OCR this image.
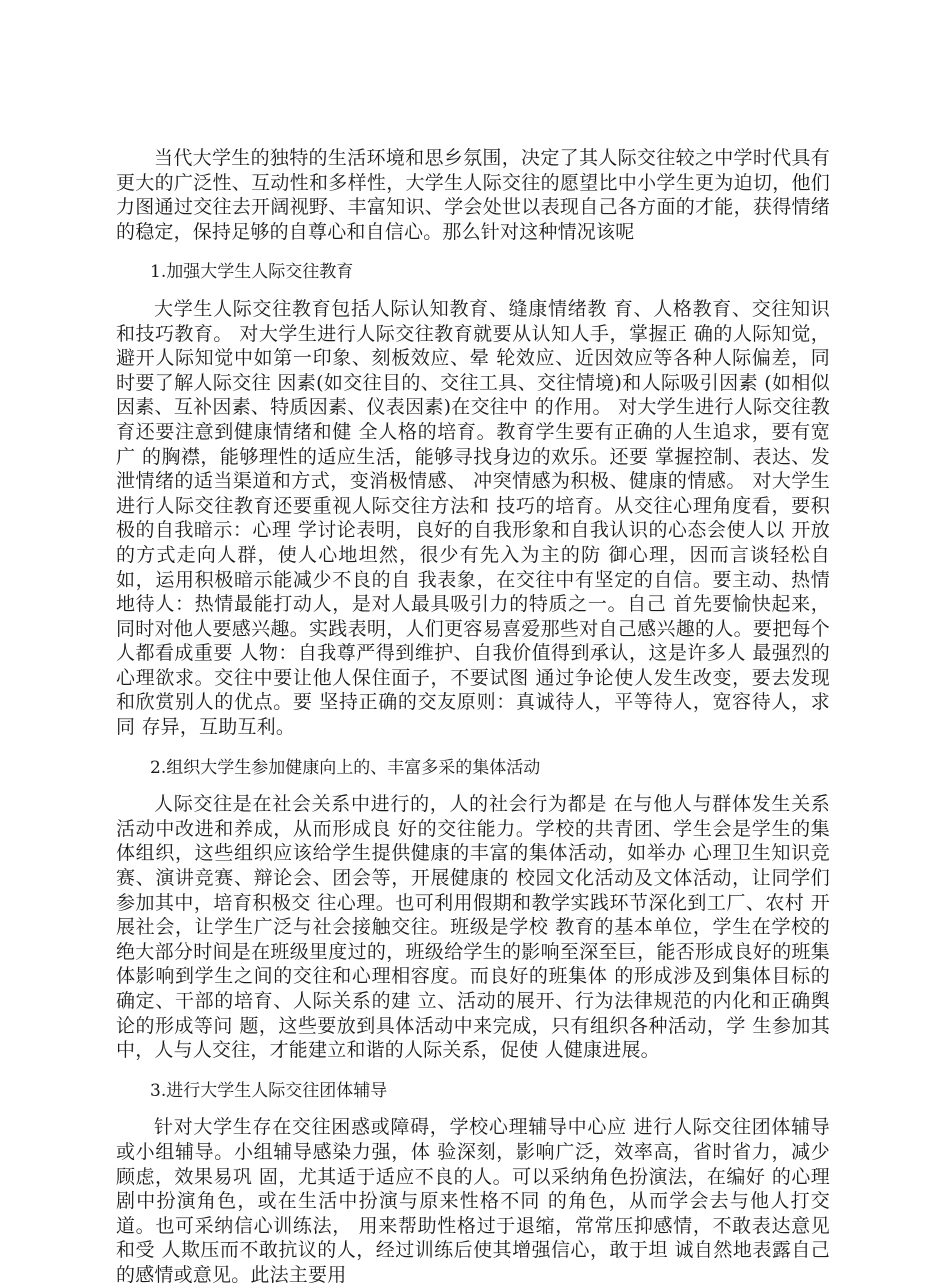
当代大学生的独特的生活环境和思乡氛围，决定了其人际交往较之中学时代具有更大的广泛性、互动性和多样性，大学生人际交往的愿望比中小学生更为迫切，他们力图通过交往去开阔视野、丰富知识、学会处世以表现自己各方面的才能，获得情绪的稳定，保持足够的自尊心和自信心。那么针对这种情况该呢

1.加强大学生人际交往教育

大学生人际交往教育包括人际认知教育、缝康情绪教 育、人格教育、交往知识和技巧教育。 对大学生进行人际交往教育就要从认知人手，掌握正 确的人际知觉，避开人际知觉中如第一印象、刻板效应、晕 轮效应、近因效应等各种人际偏差，同时要了解人际交往 因素(如交往目的、交往工具、交往情境)和人际吸引因素 (如相似因素、互补因素、特质因素、仪表因素)在交往中 的作用。 对大学生进行人际交往教育还要注意到健康情绪和健 全人格的培育。教育学生要有正确的人生追求，要有宽广 的胸襟，能够理性的适应生活，能够寻找身边的欢乐。还要 掌握控制、表达、发泄情绪的适当渠道和方式，变消极情感、 冲突情感为积极、健康的情感。 对大学生进行人际交往教育还要重视人际交往方法和 技巧的培育。从交往心理角度看，要积极的自我暗示：心理 学讨论表明，良好的自我形象和自我认识的心态会使人以 开放的方式走向人群，使人心地坦然，很少有先入为主的防 御心理，因而言谈轻松自如，运用积极暗示能减少不良的自 我表象，在交往中有坚定的自信。要主动、热情地待人：热情最能打动人，是对人最具吸引力的特质之一。自己 首先要愉快起来，同时对他人要感兴趣。实践表明，人们更容易喜爱那些对自己感兴趣的人。要把每个人都看成重要 人物：自我尊严得到维护、自我价值得到承认，这是许多人 最强烈的心理欲求。交往中要让他人保住面子，不要试图 通过争论使人发生改变，要去发现和欣赏别人的优点。要 坚持正确的交友原则：真诚待人，平等待人，宽容待人，求同 存异，互助互利。

2.组织大学生参加健康向上的、丰富多采的集体活动

人际交往是在社会关系中进行的，人的社会行为都是 在与他人与群体发生关系活动中改进和养成，从而形成良 好的交往能力。学校的共青团、学生会是学生的集体组织，这些组织应该给学生提供健康的丰富的集体活动，如举办 心理卫生知识竞赛、演讲竞赛、辩论会、团会等，开展健康的 校园文化活动及文体活动，让同学们参加其中，培育积极交 往心理。也可利用假期和教学实践环节深化到工厂、农村 开展社会，让学生广泛与社会接触交往。班级是学校 教育的基本单位，学生在学校的绝大部分时间是在班级里度过的，班级给学生的影响至深至巨，能否形成良好的班集 体影响到学生之间的交往和心理相容度。而良好的班集体 的形成涉及到集体目标的确定、干部的培育、人际关系的建 立、活动的展开、行为法律规范的内化和正确舆论的形成等问 题，这些要放到具体活动中来完成，只有组织各种活动，学 生参加其中，人与人交往，才能建立和谐的人际关系，促使 人健康进展。

3.进行大学生人际交往团体辅导

针对大学生存在交往困惑或障碍，学校心理辅导中心应 进行人际交往团体辅导或小组辅导。小组辅导感染力强，体 验深刻，影响广泛，效率高，省时省力，减少顾虑，效果易巩 固，尤其适于适应不良的人。可以采纳角色扮演法，在编好 的心理剧中扮演角色，或在生活中扮演与原来性格不同 的角色，从而学会去与他人打交道。也可采纳信心训练法， 用来帮助性格过于退缩，常常压抑感情，不敢表达意见和受 人欺压而不敢抗议的人，经过训练后使其增强信心，敢于坦 诚自然地表露自己的感情或意见。此法主要用
